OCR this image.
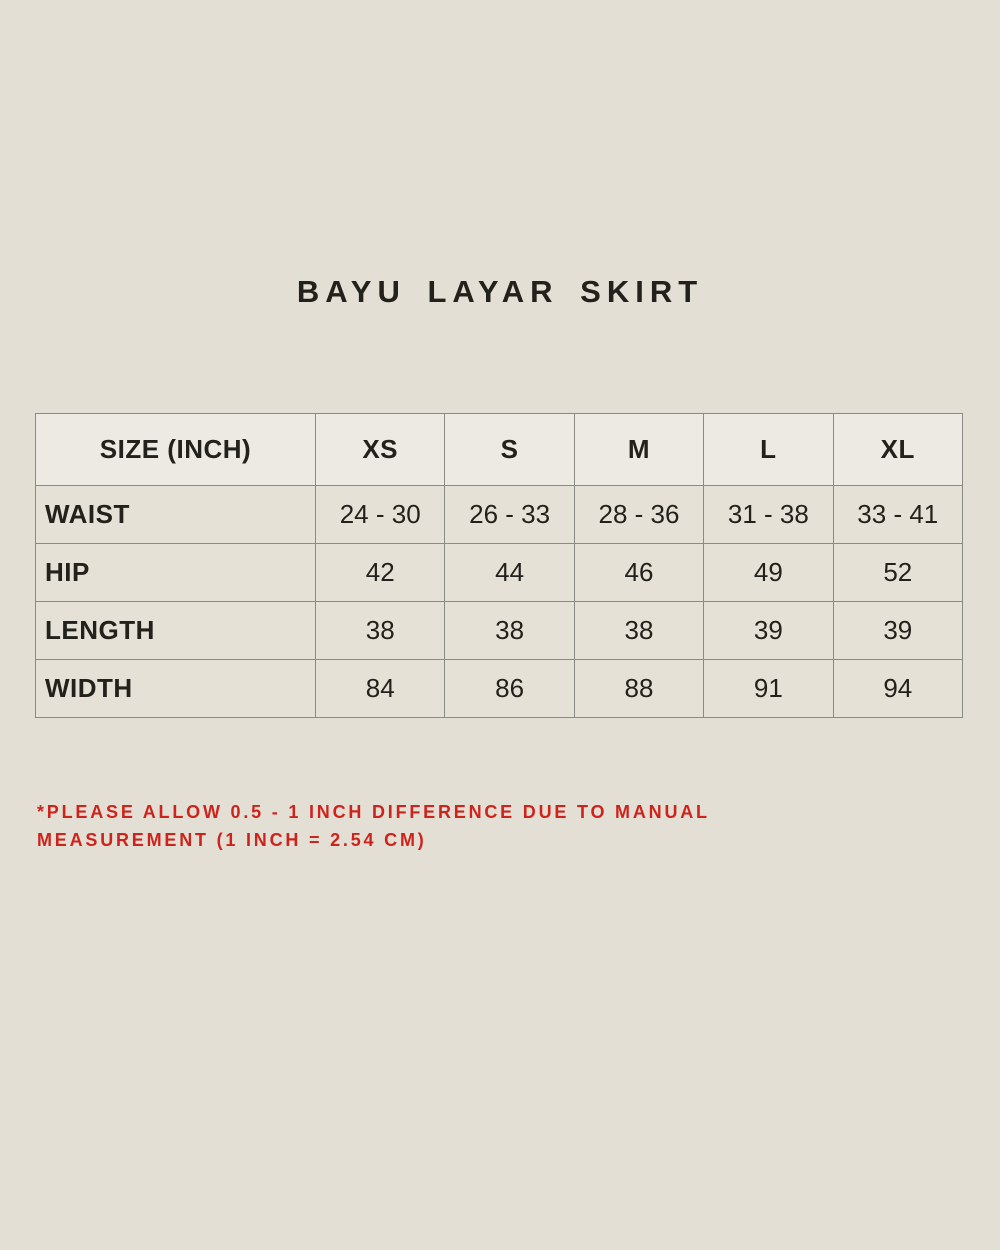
BAYU LAYAR SKIRT
SIZE (INCH)	XS	S	M	L	XL
WAIST	24 - 30	26 - 33	28 - 36	31 - 38	33 - 41
HIP	42	44	46	49	52
LENGTH	38	38	38	39	39
WIDTH	84	86	88	91	94
*PLEASE ALLOW 0.5 - 1 INCH DIFFERENCE DUE TO MANUAL
MEASUREMENT (1 INCH = 2.54 CM)
